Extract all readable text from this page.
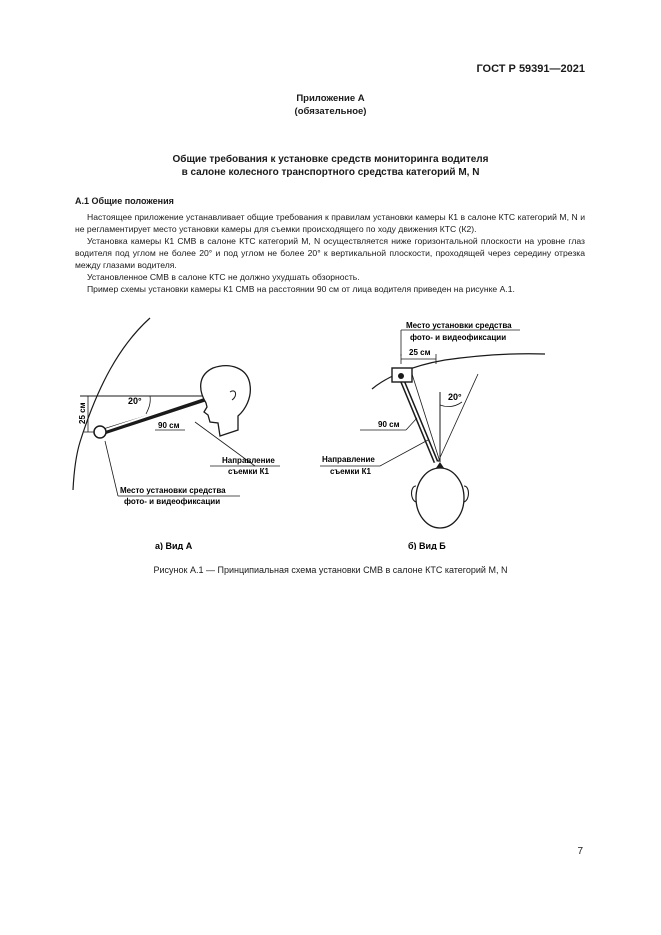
ГОСТ Р 59391—2021
Приложение А
(обязательное)
Общие требования к установке средств мониторинга водителя
в салоне колесного транспортного средства категорий M, N
А.1 Общие положения

Настоящее приложение устанавливает общие требования к правилам установки камеры К1 в салоне КТС категорий M, N и не регламентирует место установки камеры для съемки происходящего по ходу движения КТС (К2).

Установка камеры К1 СМВ в салоне КТС категорий M, N осуществляется ниже горизонтальной плоскости на уровне глаз водителя под углом не более 20° и под углом не более 20° к вертикальной плоскости, проходящей через середину отрезка между глазами водителя.

Установленное СМВ в салоне КТС не должно ухудшать обзорность.

Пример схемы установки камеры К1 СМВ на расстоянии 90 см от лица водителя приведен на рисунке А.1.

20°
25 см
90 см
Направление
съемки К1
Место установки средства
фото- и видеофиксации
а) Вид А
Место установки средства
фото- и видеофиксации
25 см
20°
90 см
Направление
съемки К1
б) Вид Б
Рисунок А.1 — Принципиальная схема установки СМВ в салоне КТС категорий M, N
7
